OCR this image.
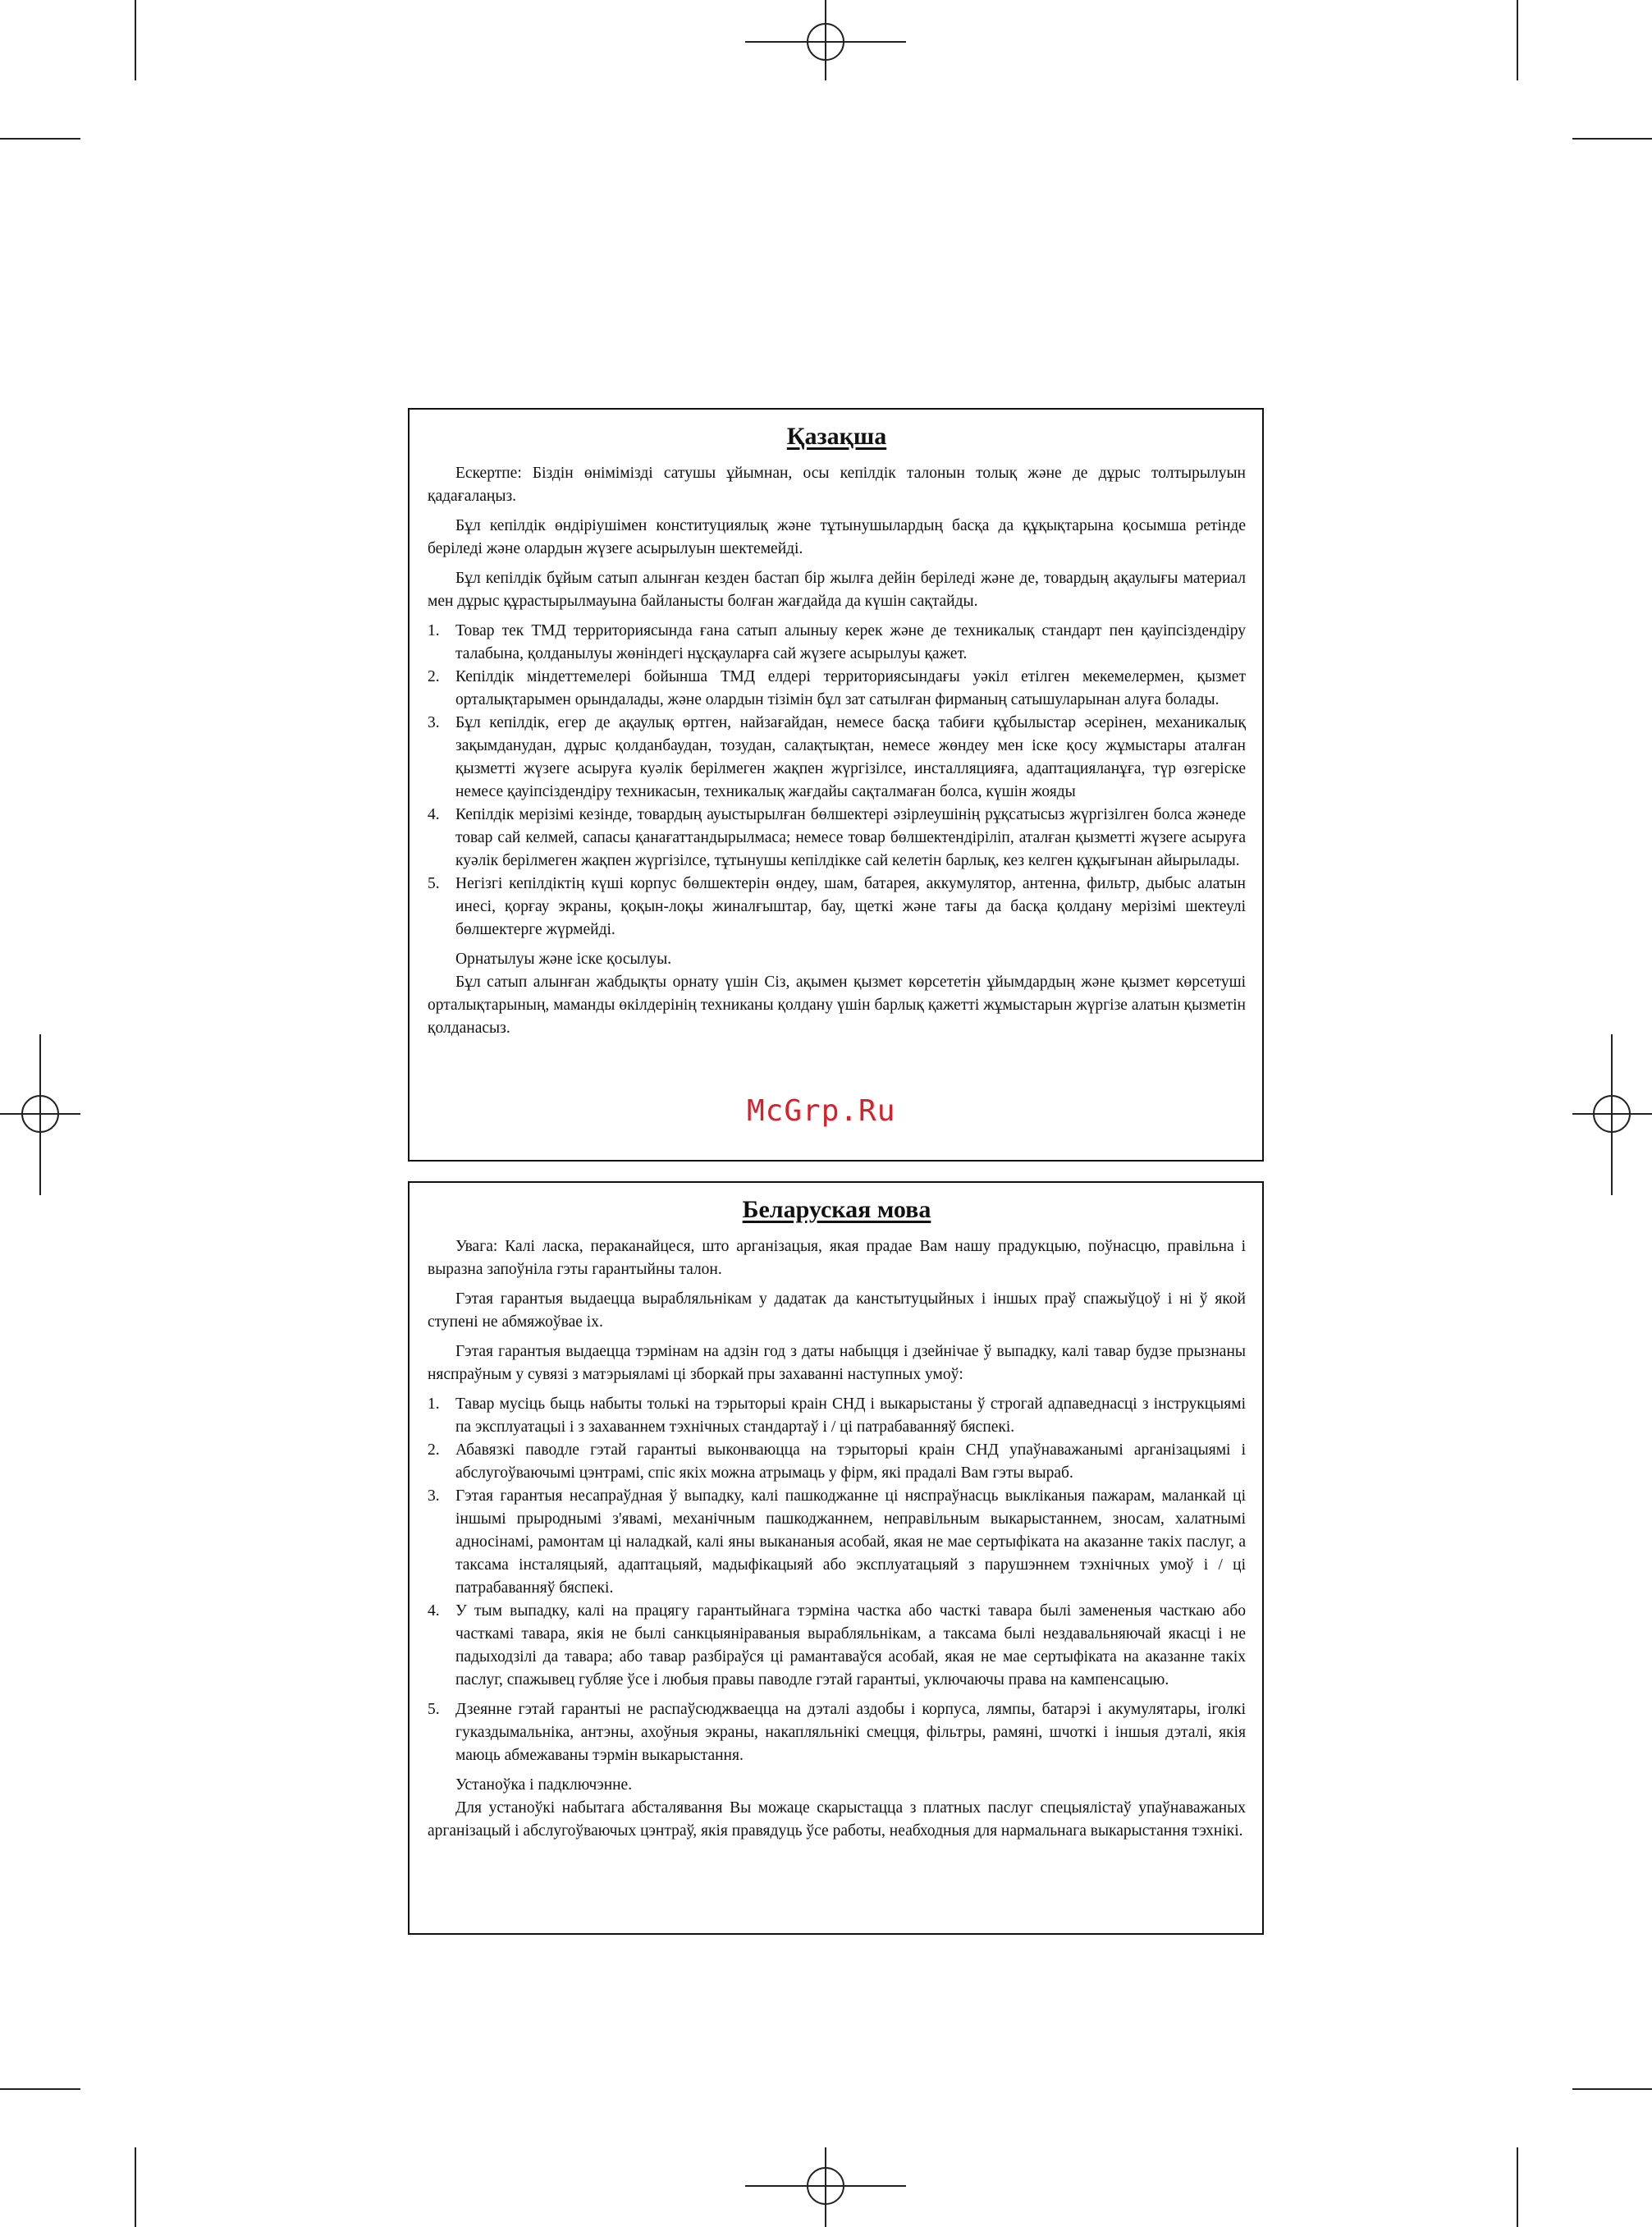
Қазақша

Ескертпе: Біздін өнімімізді сатушы ұйымнан, осы кепілдік талонын толық және де дұрыс толтырылуын қадағалаңыз.

Бұл кепілдік өндіріушімен конституциялық және тұтынушылардың басқа да құқықтарына қосымша ретінде беріледі және олардын жүзеге асырылуын шектемейді.

Бұл кепілдік бұйым сатып алынған кезден бастап бір жылға дейін беріледі және де, товардың ақаулығы материал мен дұрыс құрастырылмауына байланысты болған жағдайда да күшін сақтайды.

1. Товар тек ТМД территориясында ғана сатып алыныу керек және де техникалық стандарт пен қауіпсіздендіру талабына, қолданылуы жөніндегі нұсқауларға сай жүзеге асырылуы қажет.
2. Кепілдік міндеттемелері бойынша ТМД елдері территориясындағы уәкіл етілген мекемелермен, қызмет орталықтарымен орындалады, және олардын тізімін бұл зат сатылған фирманың сатышуларынан алуға болады.
3. Бұл кепілдік, егер де ақаулық өртген, найзағайдан, немесе басқа табиғи құбылыстар әсерінен, механикалық зақымданудан, дұрыс қолданбаудан, тозудан, салақтықтан, немесе жөндеу мен іске қосу жұмыстары аталған қызметті жүзеге асыруға куәлік берілмеген жақпен жүргізілсе, инсталляцияға, адаптацияланұға, түр өзгеріске немесе қауіпсіздендіру техникасын, техникалық жағдайы сақталмаған болса, күшін жояды
4. Кепілдік мерізімі кезінде, товардың ауыстырылған бөлшектері әзірлеушінің рұқсатысыз жүргізілген болса жәнеде товар сай келмей, сапасы қанағаттандырылмаса; немесе товар бөлшектендіріліп, аталған қызметті жүзеге асыруға куәлік берілмеген жақпен жүргізілсе, тұтынушы кепілдікке сай келетін барлық, кез келген құқығынан айырылады.
5. Негізгі кепілдіктің күші корпус бөлшектерін өндеу, шам, батарея, аккумулятор, антенна, фильтр, дыбыс алатын инесі, қорғау экраны, қоқын-лоқы жиналғыштар, бау, щеткі және тағы да басқа қолдану мерізімі шектеулі бөлшектерге жүрмейді.

Орнатылуы және іске қосылуы.

Бұл сатып алынған жабдықты орнату үшін Сіз, ақымен қызмет көрсететін ұйымдардың және қызмет көрсетуші орталықтарының, маманды өкілдерінің техниканы қолдану үшін барлық қажетті жұмыстарын жүргізе алатын қызметін қолданасыз.

McGrp.Ru
Беларуская мова

Увага: Калі ласка, пераканайцеся, што арганізацыя, якая прадае Вам нашу прадукцыю, поўнасцю, правільна і выразна запоўніла гэты гарантыйны талон.

Гэтая гарантыя выдаецца вырабляльнікам у дадатак да канстытуцыйных і іншых праў спажыўцоў і ні ў якой ступені не абмяжоўвае іх.

Гэтая гарантыя выдаецца тэрмінам на адзін год з даты набыцця і дзейнічае ў выпадку, калі тавар будзе прызнаны няспраўным у сувязі з матэрыяламі ці зборкай пры захаванні наступных умоў:

1. Тавар мусіць быць набыты толькі на тэрыторыі краін СНД і выкарыстаны ў строгай адпаведнасці з інструкцыямі па эксплуатацыі і з захаваннем тэхнічных стандартаў і / ці патрабаванняў бяспекі.
2. Абавязкі паводле гэтай гарантыі выконваюцца на тэрыторыі краін СНД упаўнаважанымі арганізацыямі і абслугоўваючымі цэнтрамі, спіс якіх можна атрымаць у фірм, які прадалі Вам гэты выраб.
3. Гэтая гарантыя несапраўдная ў выпадку, калі пашкоджанне ці няспраўнасць выкліканыя пажарам, маланкай ці іншымі прыроднымі з'явамі, механічным пашкоджаннем, неправільным выкарыстаннем, зносам, халатнымі адносінамі, рамонтам ці наладкай, калі яны выкананыя асобай, якая не мае сертыфіката на аказанне такіх паслуг, а таксама інсталяцыяй, адаптацыяй, мадыфікацыяй або эксплуатацыяй з парушэннем тэхнічных умоў і / ці патрабаванняў бяспекі.
4. У тым выпадку, калі на працягу гарантыйнага тэрміна частка або часткі тавара былі замененыя часткаю або часткамі тавара, якія не былі санкцыянiраваныя вырабляльнікам, а таксама былі нездавальняючай якасці і не падыходзілі да тавара; або тавар разбіраўся ці рамантаваўся асобай, якая не мае сертыфіката на аказанне такіх паслуг, спажывец губляе ўсе і любыя правы паводле гэтай гарантыі, уключаючы права на кампенсацыю.
5. Дзеянне гэтай гарантыі не распаўсюджваецца на дэталі аздобы і корпуса, лямпы, батарэі і акумулятары, іголкі гуказдымальніка, антэны, ахоўныя экраны, накапляльнікі смецця, фільтры, рамяні, шчоткі і іншыя дэталі, якія маюць абмежаваны тэрмін выкарыстання.

Устаноўка і падключэнне.

Для устаноўкі набытага абсталявання Вы можаце скарыстацца з платных паслуг спецыялістаў упаўнаважаных арганізацый і абслугоўваючых цэнтраў, якія правядуць ўсе работы, неабходныя для нармальнага выкарыстання тэхнікі.
